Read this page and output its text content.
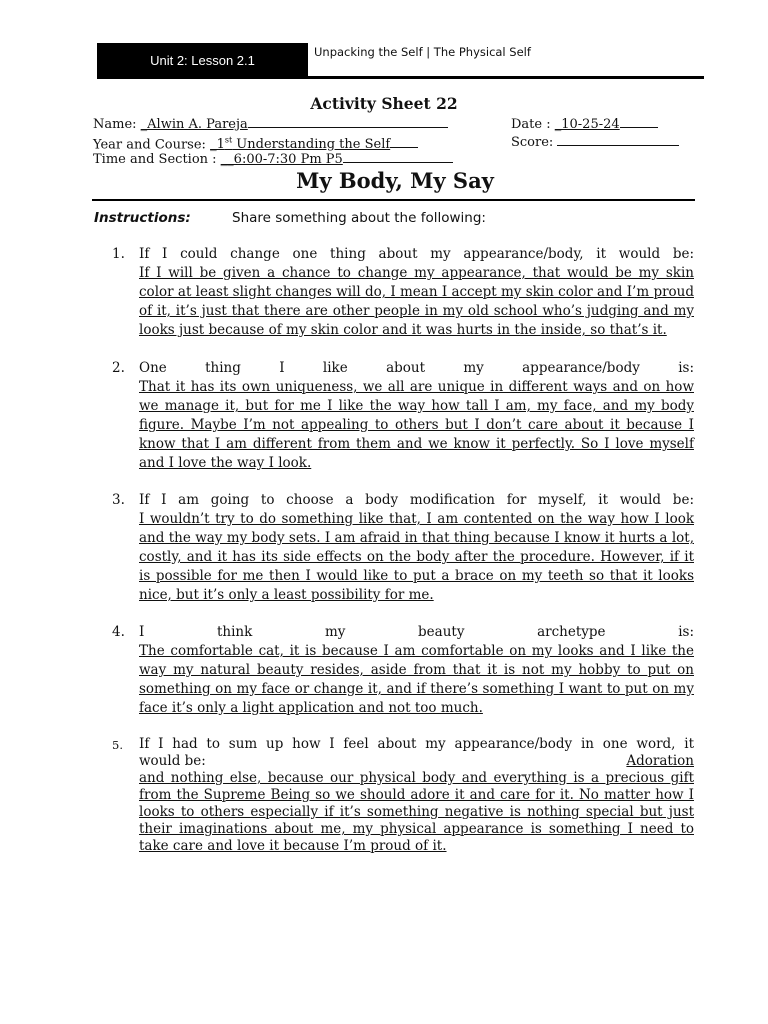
Unit 2: Lesson 2.1
Unpacking the Self | The Physical Self
Activity Sheet 22
Name: _Alwin A. Pareja	Date : _10-25-24
Year and Course: _1st Understanding the Self	Score:
Time and Section : __6:00-7:30 Pm P5
My Body, My Say
Instructions:	Share something about the following:
1. If I could change one thing about my appearance/body, it would be:
If I will be given a chance to change my appearance, that would be my skin color at least slight changes will do, I mean I accept my skin color and I’m proud of it, it’s just that there are other people in my old school who’s judging and my looks just because of my skin color and it was hurts in the inside, so that’s it.
2. One thing I like about my appearance/body is:
That it has its own uniqueness, we all are unique in different ways and on how we manage it, but for me I like the way how tall I am, my face, and my body figure. Maybe I’m not appealing to others but I don’t care about it because I know that I am different from them and we know it perfectly. So I love myself and I love the way I look.
3. If I am going to choose a body modification for myself, it would be:
I wouldn’t try to do something like that, I am contented on the way how I look and the way my body sets. I am afraid in that thing because I know it hurts a lot, costly, and it has its side effects on the body after the procedure. However, if it is possible for me then I would like to put a brace on my teeth so that it looks nice, but it’s only a least possibility for me.
4. I think my beauty archetype is:
The comfortable cat, it is because I am comfortable on my looks and I like the way my natural beauty resides, aside from that it is not my hobby to put on something on my face or change it, and if there’s something I want to put on my face it’s only a light application and not too much.
5. If I had to sum up how I feel about my appearance/body in one word, it
would be:	Adoration
and nothing else, because our physical body and everything is a precious gift from the Supreme Being so we should adore it and care for it. No matter how I looks to others especially if it’s something negative is nothing special but just their imaginations about me, my physical appearance is something I need to take care and love it because I’m proud of it.
